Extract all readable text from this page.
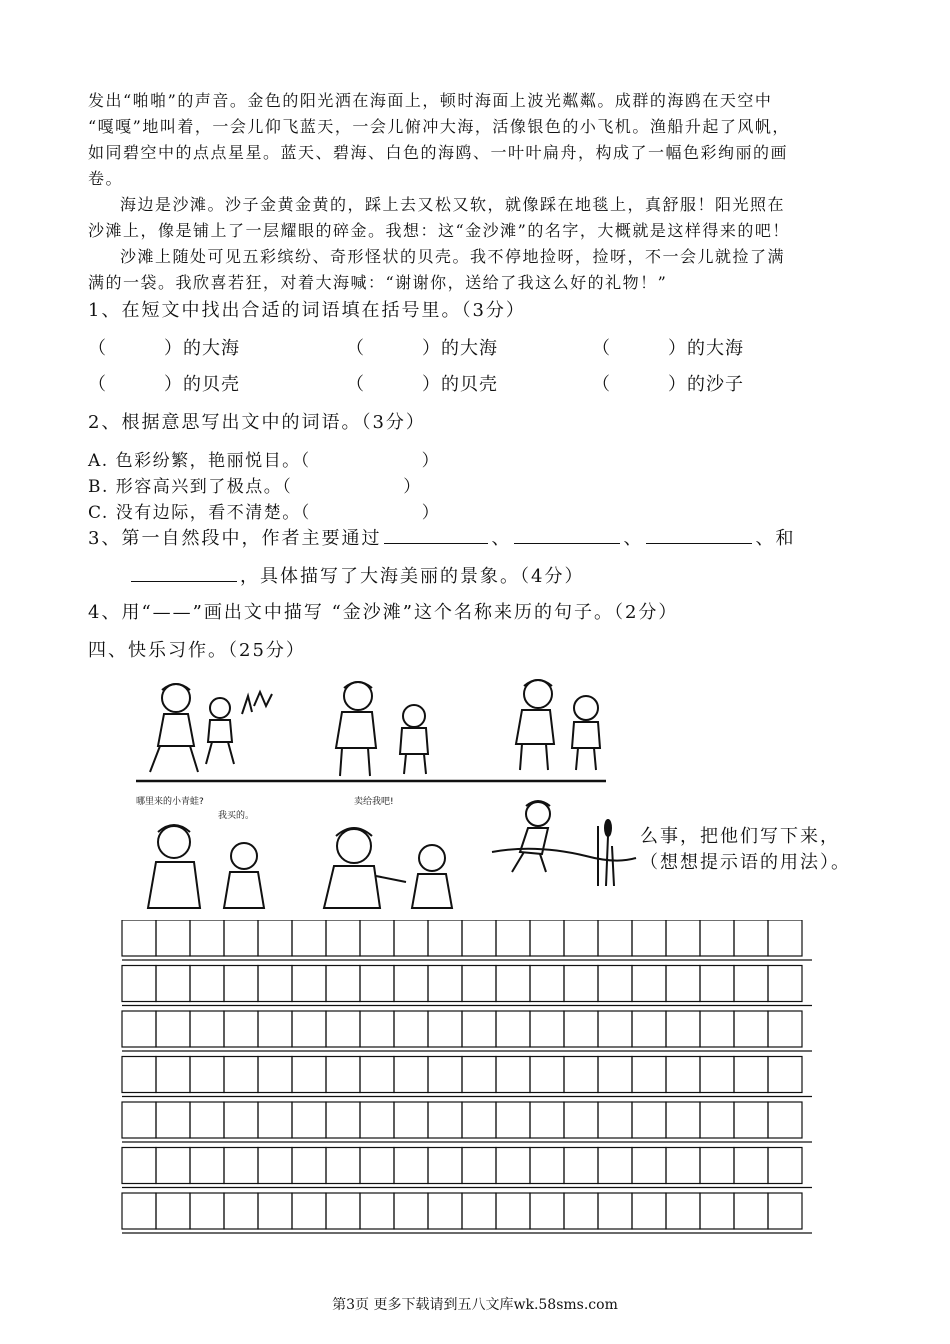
发出“啪啪”的声音。金色的阳光洒在海面上，顿时海面上波光粼粼。成群的海鸥在天空中
“嘎嘎”地叫着，一会儿仰飞蓝天，一会儿俯冲大海，活像银色的小飞机。渔船升起了风帆，
如同碧空中的点点星星。蓝天、碧海、白色的海鸥、一叶叶扁舟，构成了一幅色彩绚丽的画
卷。
海边是沙滩。沙子金黄金黄的，踩上去又松又软，就像踩在地毯上，真舒服！阳光照在
沙滩上，像是铺上了一层耀眼的碎金。我想：这“金沙滩”的名字，大概就是这样得来的吧！
沙滩上随处可见五彩缤纷、奇形怪状的贝壳。我不停地捡呀，捡呀，不一会儿就捡了满
满的一袋。我欣喜若狂，对着大海喊：“谢谢你，送给了我这么好的礼物！”
1、在短文中找出合适的词语填在括号里。（3分）
（　　　）的大海	（　　　）的大海	（　　　）的大海
（　　　）的贝壳	（　　　）的贝壳	（　　　）的沙子
2、根据意思写出文中的词语。（3分）
A. 色彩纷繁，艳丽悦目。（　　　　　　）
B. 形容高兴到了极点。（　　　　　　）
C. 没有边际，看不清楚。（　　　　　　）
3、第一自然段中，作者主要通过	、	、	、和
，具体描写了大海美丽的景象。（4分）
4、用“——”画出文中描写 “金沙滩”这个名称来历的句子。（2分）
四、快乐习作。（25分）
哪里来的小青蛙?
我买的。
卖给我吧!
么事，把他们写下来，
（想想提示语的用法）。
第3页 更多下载请到五八文库wk.58sms.com
